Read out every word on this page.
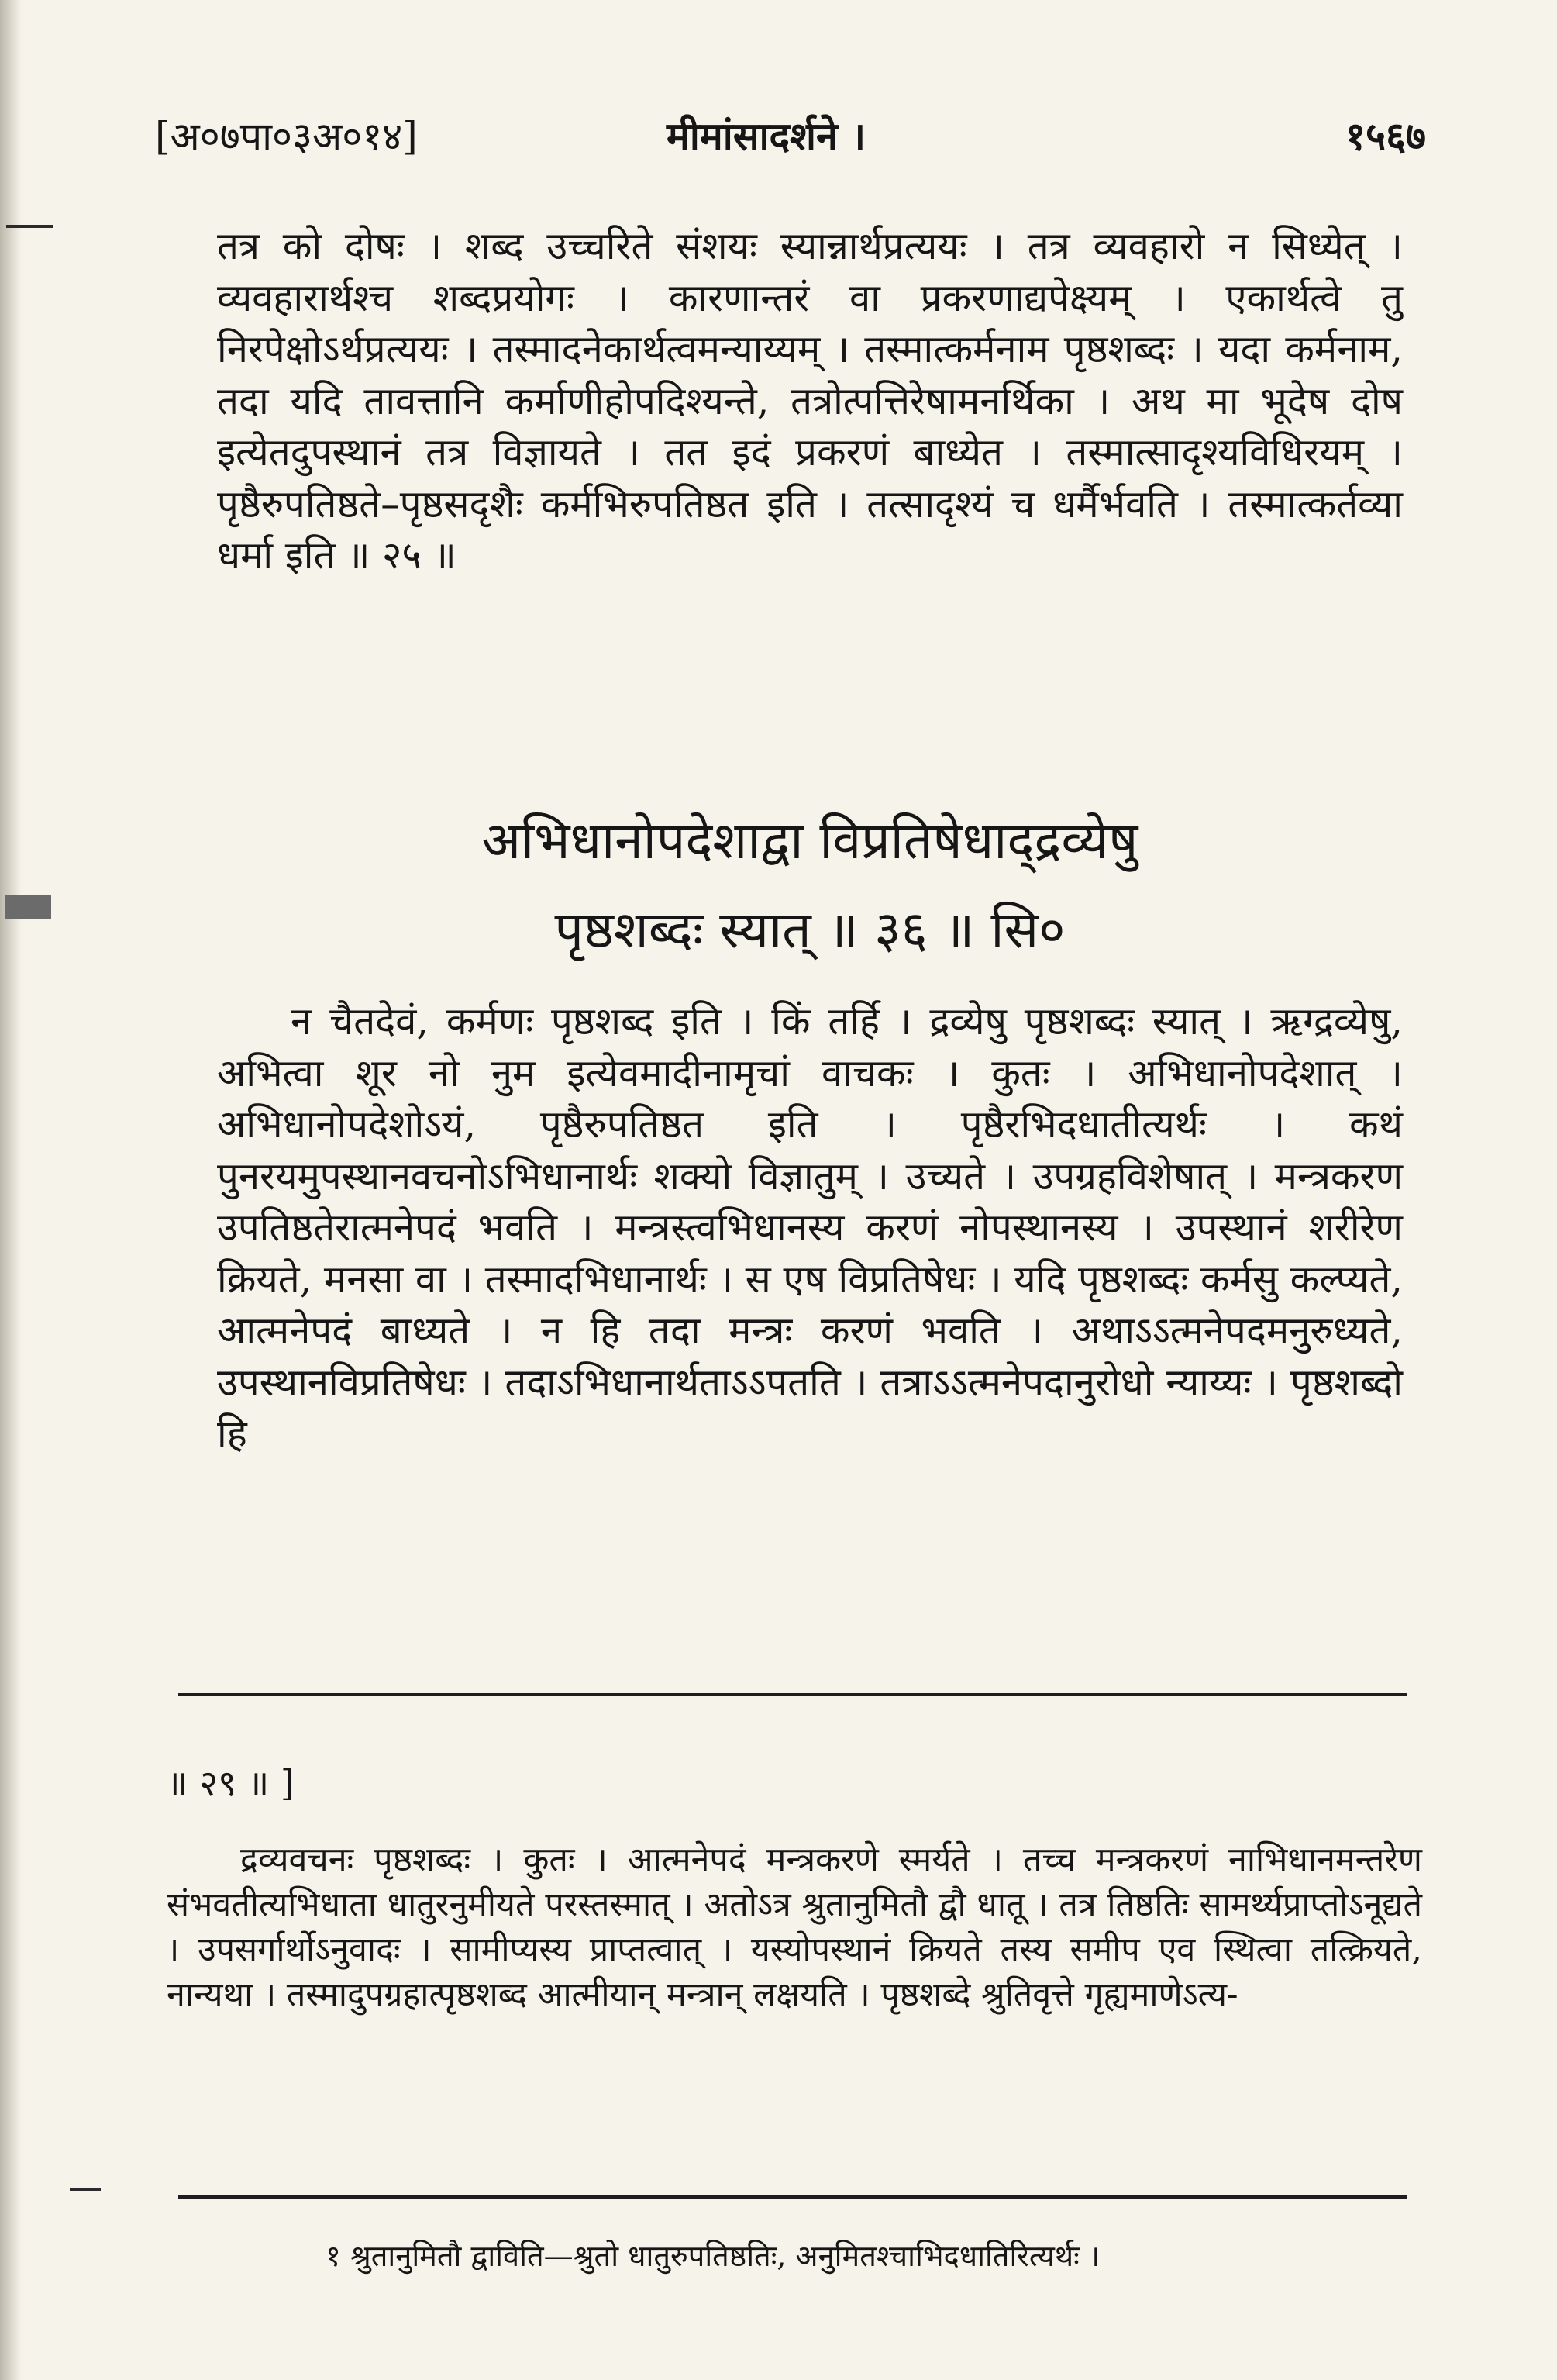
[अ०७पा०३अ०१४]	मीमांसादर्शने ।	१५६७

तत्र को दोषः । शब्द उच्चरिते संशयः स्यान्नार्थप्रत्ययः । तत्र व्यवहारो न सिध्येत् । व्यवहारार्थश्च शब्दप्रयोगः । कारणान्तरं वा प्रकरणाद्यपेक्ष्यम् । एकार्थत्वे तु निरपेक्षोऽर्थप्रत्ययः । तस्मादनेकार्थत्वमन्याय्यम् । तस्मात्कर्मनाम पृष्ठशब्दः । यदा कर्मनाम, तदा यदि तावत्तानि कर्माणीहोपदिश्यन्ते, तत्रोत्पत्तिरेषामनर्थिका । अथ मा भूदेष दोष इत्येतदुपस्थानं तत्र विज्ञायते । तत इदं प्रकरणं बाध्येत । तस्मात्सादृश्यविधिरयम् । पृष्ठैरुपतिष्ठते–पृष्ठसदृशैः कर्मभिरुपतिष्ठत इति । तत्सादृश्यं च धर्मैर्भवति । तस्मात्कर्तव्या धर्मा इति ॥ २५ ॥

अभिधानोपदेशाद्वा विप्रतिषेधाद्द्रव्येषु

पृष्ठशब्दः स्यात् ॥ ३६ ॥ सि०

न चैतदेवं, कर्मणः पृष्ठशब्द इति । किं तर्हि । द्रव्येषु पृष्ठशब्दः स्यात् । ऋग्द्रव्येषु, अभित्वा शूर नो नुम इत्येवमादीनामृचां वाचकः । कुतः । अभिधानोपदेशात् । अभिधानोपदेशोऽयं, पृष्ठैरुपतिष्ठत इति । पृष्ठैरभिदधातीत्यर्थः । कथं पुनरयमुपस्थानवचनोऽभिधानार्थः शक्यो विज्ञातुम् । उच्यते । उपग्रहविशेषात् । मन्त्रकरण उपतिष्ठतेरात्मनेपदं भवति । मन्त्रस्त्वभिधानस्य करणं नोपस्थानस्य । उपस्थानं शरीरेण क्रियते, मनसा वा । तस्मादभिधानार्थः । स एष विप्रतिषेधः । यदि पृष्ठशब्दः कर्मसु कल्प्यते, आत्मनेपदं बाध्यते । न हि तदा मन्त्रः करणं भवति । अथाऽऽत्मनेपदमनुरुध्यते, उपस्थानविप्रतिषेधः । तदाऽभिधानार्थताऽऽपतति । तत्राऽऽत्मनेपदानुरोधो न्याय्यः । पृष्ठशब्दो हि

॥ २९ ॥ ]

द्रव्यवचनः पृष्ठशब्दः । कुतः । आत्मनेपदं मन्त्रकरणे स्मर्यते । तच्च मन्त्रकरणं नाभिधानमन्तरेण संभवतीत्यभिधाता धातुरनुमीयते परस्तस्मात् । अतोऽत्र श्रुतानुमितौ द्वौ धातू । तत्र तिष्ठतिः सामर्थ्यप्राप्तोऽनूद्यते । उपसर्गार्थोऽनुवादः । सामीप्यस्य प्राप्तत्वात् । यस्योपस्थानं क्रियते तस्य समीप एव स्थित्वा तत्क्रियते, नान्यथा । तस्मादुपग्रहात्पृष्ठशब्द आत्मीयान् मन्त्रान् लक्षयति । पृष्ठशब्दे श्रुतिवृत्ते गृह्यमाणेऽत्य-

१ श्रुतानुमितौ द्वाविति—श्रुतो धातुरुपतिष्ठतिः, अनुमितश्चाभिदधातिरित्यर्थः ।
